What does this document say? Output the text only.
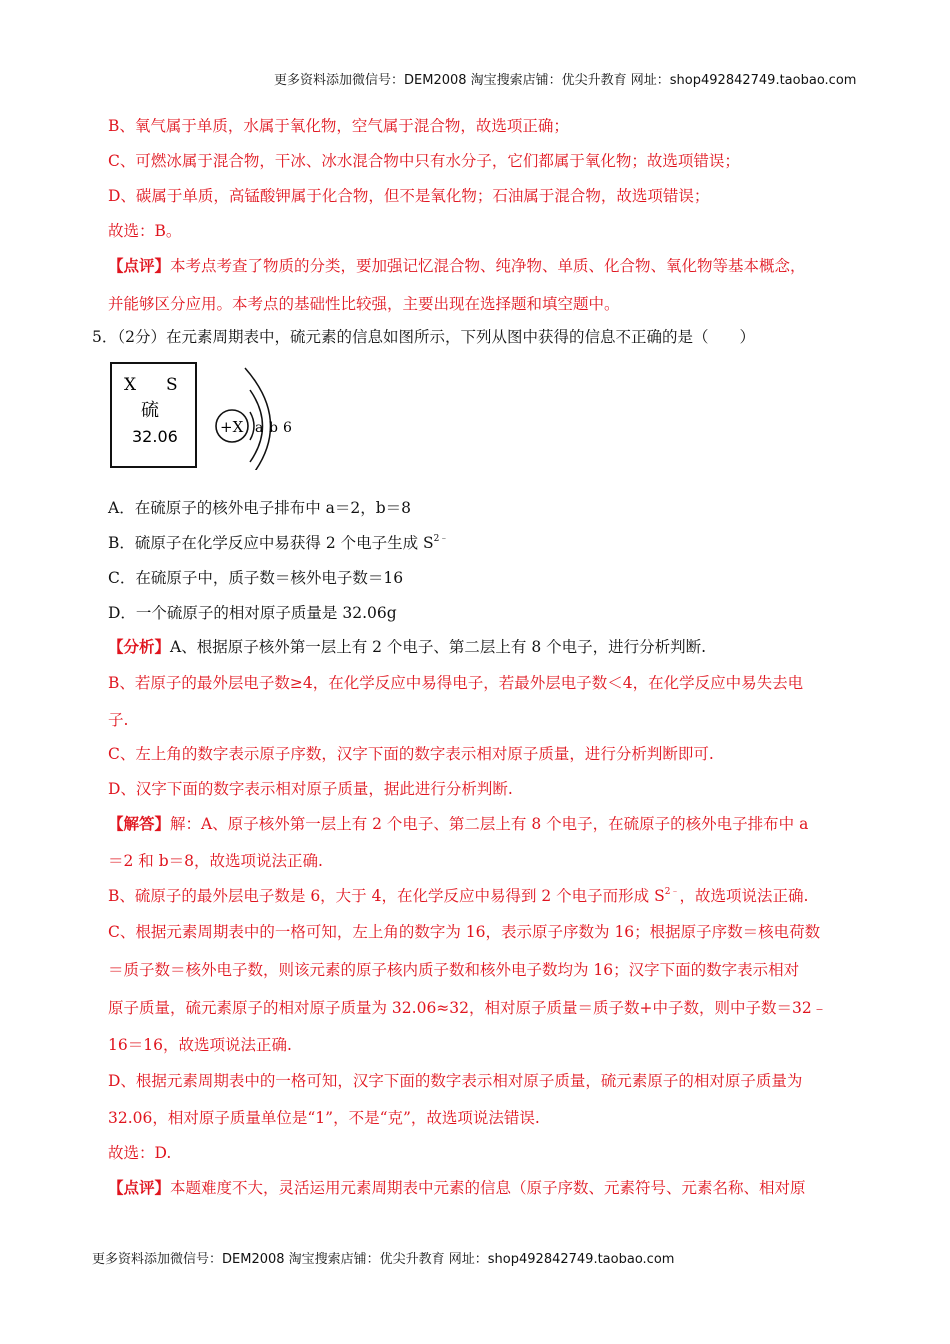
更多资料添加微信号：DEM2008 淘宝搜索店铺：优尖升教育 网址：shop492842749.taobao.com
B、氧气属于单质，水属于氧化物，空气属于混合物，故选项正确；
C、可燃冰属于混合物，干冰、冰水混合物中只有水分子，它们都属于氧化物；故选项错误；
D、碳属于单质，高锰酸钾属于化合物，但不是氧化物；石油属于混合物，故选项错误；
故选：B。
【点评】本考点考查了物质的分类，要加强记忆混合物、纯净物、单质、化合物、氧化物等基本概念，
并能够区分应用。本考点的基础性比较强，主要出现在选择题和填空题中。
5．（2分）在元素周期表中，硫元素的信息如图所示，下列从图中获得的信息不正确的是（　　）
X S
硫
32.06	+X a b 6
A．在硫原子的核外电子排布中 a＝2，b＝8
B．硫原子在化学反应中易获得 2 个电子生成 $S^{2﹣}$
C．在硫原子中，质子数＝核外电子数＝16
D．一个硫原子的相对原子质量是 32.06g
【分析】A、根据原子核外第一层上有 2 个电子、第二层上有 8 个电子，进行分析判断.
B、若原子的最外层电子数≥4，在化学反应中易得电子，若最外层电子数＜4，在化学反应中易失去电
子.
C、左上角的数字表示原子序数，汉字下面的数字表示相对原子质量，进行分析判断即可.
D、汉字下面的数字表示相对原子质量，据此进行分析判断.
【解答】解：A、原子核外第一层上有 2 个电子、第二层上有 8 个电子，在硫原子的核外电子排布中 a
＝2 和 b＝8，故选项说法正确.
B、硫原子的最外层电子数是 6，大于 4，在化学反应中易得到 2 个电子而形成 $S^{2﹣}$，故选项说法正确.
C、根据元素周期表中的一格可知，左上角的数字为 16，表示原子序数为 16；根据原子序数＝核电荷数
＝质子数＝核外电子数，则该元素的原子核内质子数和核外电子数均为 16；汉字下面的数字表示相对
原子质量，硫元素原子的相对原子质量为 32.06≈32，相对原子质量＝质子数+中子数，则中子数＝32﹣
16＝16，故选项说法正确.
D、根据元素周期表中的一格可知，汉字下面的数字表示相对原子质量，硫元素原子的相对原子质量为
32.06，相对原子质量单位是“1”，不是“克”，故选项说法错误.
故选：D.
【点评】本题难度不大，灵活运用元素周期表中元素的信息（原子序数、元素符号、元素名称、相对原
更多资料添加微信号：DEM2008 淘宝搜索店铺：优尖升教育 网址：shop492842749.taobao.com
